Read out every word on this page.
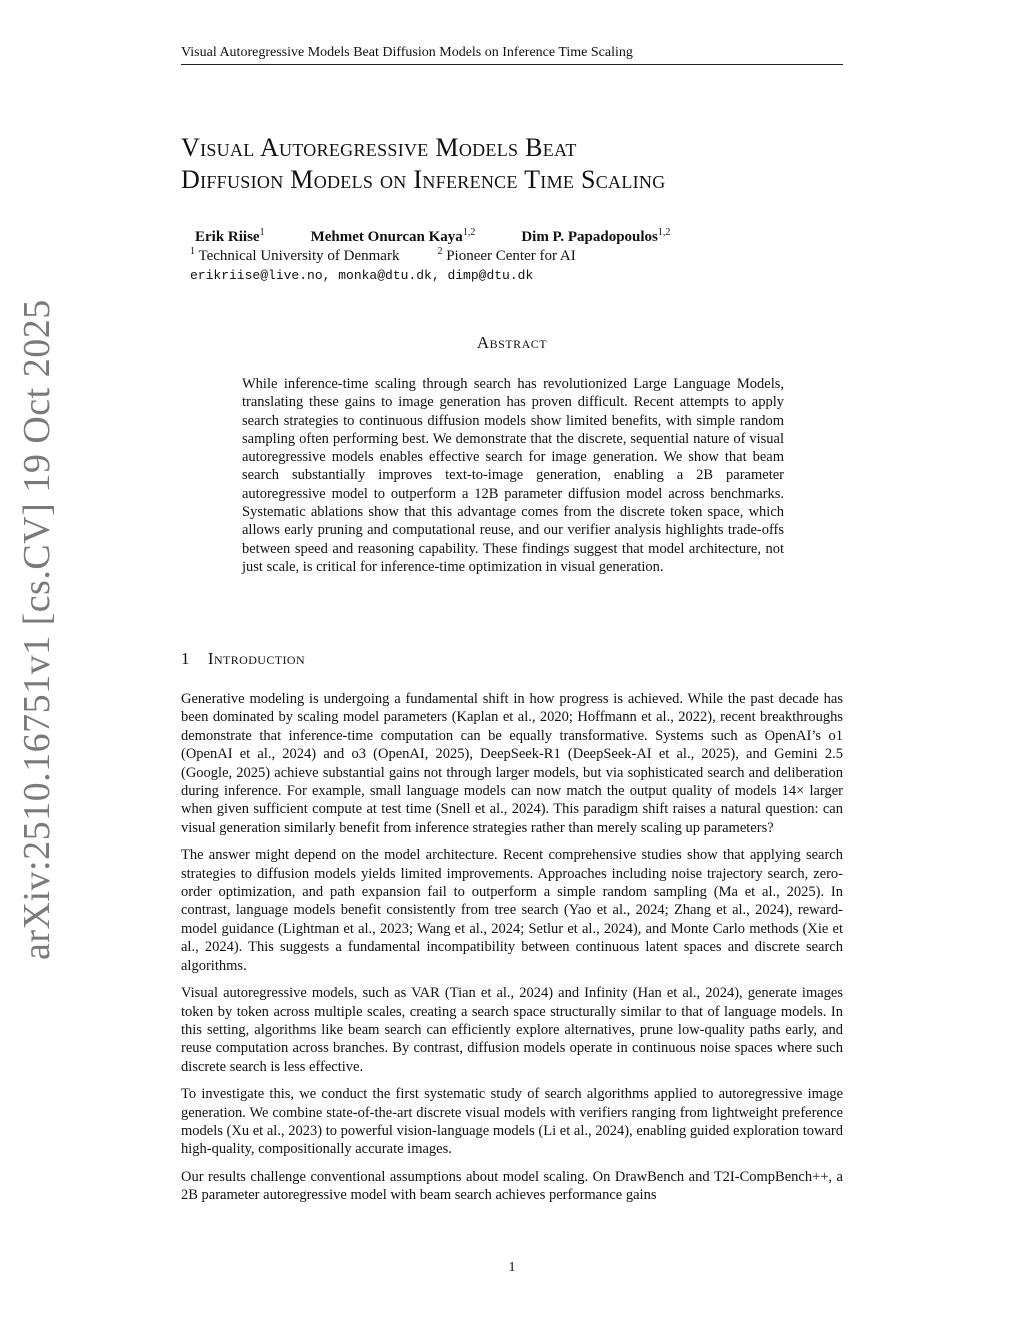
Visual Autoregressive Models Beat Diffusion Models on Inference Time Scaling
Visual Autoregressive Models Beat
Diffusion Models on Inference Time Scaling
Erik Riise$^1$	Mehmet Onurcan Kaya$^{1,2}$	Dim P. Papadopoulos$^{1,2}$
$^1$ Technical University of Denmark	$^2$ Pioneer Center for AI
erikriise@live.no, monka@dtu.dk, dimp@dtu.dk
Abstract

While inference-time scaling through search has revolutionized Large Language Models, translating these gains to image generation has proven difficult. Recent attempts to apply search strategies to continuous diffusion models show limited benefits, with simple random sampling often performing best. We demonstrate that the discrete, sequential nature of visual autoregressive models enables effective search for image generation. We show that beam search substantially improves text-to-image generation, enabling a 2B parameter autoregressive model to outperform a 12B parameter diffusion model across benchmarks. Systematic ablations show that this advantage comes from the discrete token space, which allows early pruning and computational reuse, and our verifier analysis highlights trade-offs between speed and reasoning capability. These findings suggest that model architecture, not just scale, is critical for inference-time optimization in visual generation.

1 Introduction

Generative modeling is undergoing a fundamental shift in how progress is achieved. While the past decade has been dominated by scaling model parameters (Kaplan et al., 2020; Hoffmann et al., 2022), recent breakthroughs demonstrate that inference-time computation can be equally transformative. Systems such as OpenAI’s o1 (OpenAI et al., 2024) and o3 (OpenAI, 2025), DeepSeek-R1 (DeepSeek-AI et al., 2025), and Gemini 2.5 (Google, 2025) achieve substantial gains not through larger models, but via sophisticated search and deliberation during inference. For example, small language models can now match the output quality of models 14× larger when given sufficient compute at test time (Snell et al., 2024). This paradigm shift raises a natural question: can visual generation similarly benefit from inference strategies rather than merely scaling up parameters?

The answer might depend on the model architecture. Recent comprehensive studies show that applying search strategies to diffusion models yields limited improvements. Approaches including noise trajectory search, zero-order optimization, and path expansion fail to outperform a simple random sampling (Ma et al., 2025). In contrast, language models benefit consistently from tree search (Yao et al., 2024; Zhang et al., 2024), reward-model guidance (Lightman et al., 2023; Wang et al., 2024; Setlur et al., 2024), and Monte Carlo methods (Xie et al., 2024). This suggests a fundamental incompatibility between continuous latent spaces and discrete search algorithms.

Visual autoregressive models, such as VAR (Tian et al., 2024) and Infinity (Han et al., 2024), generate images token by token across multiple scales, creating a search space structurally similar to that of language models. In this setting, algorithms like beam search can efficiently explore alternatives, prune low-quality paths early, and reuse computation across branches. By contrast, diffusion models operate in continuous noise spaces where such discrete search is less effective.

To investigate this, we conduct the first systematic study of search algorithms applied to autoregressive image generation. We combine state-of-the-art discrete visual models with verifiers ranging from lightweight preference models (Xu et al., 2023) to powerful vision-language models (Li et al., 2024), enabling guided exploration toward high-quality, compositionally accurate images.

Our results challenge conventional assumptions about model scaling. On DrawBench and T2I-CompBench++, a 2B parameter autoregressive model with beam search achieves performance gains

1
arXiv:2510.16751v1 [cs.CV] 19 Oct 2025
